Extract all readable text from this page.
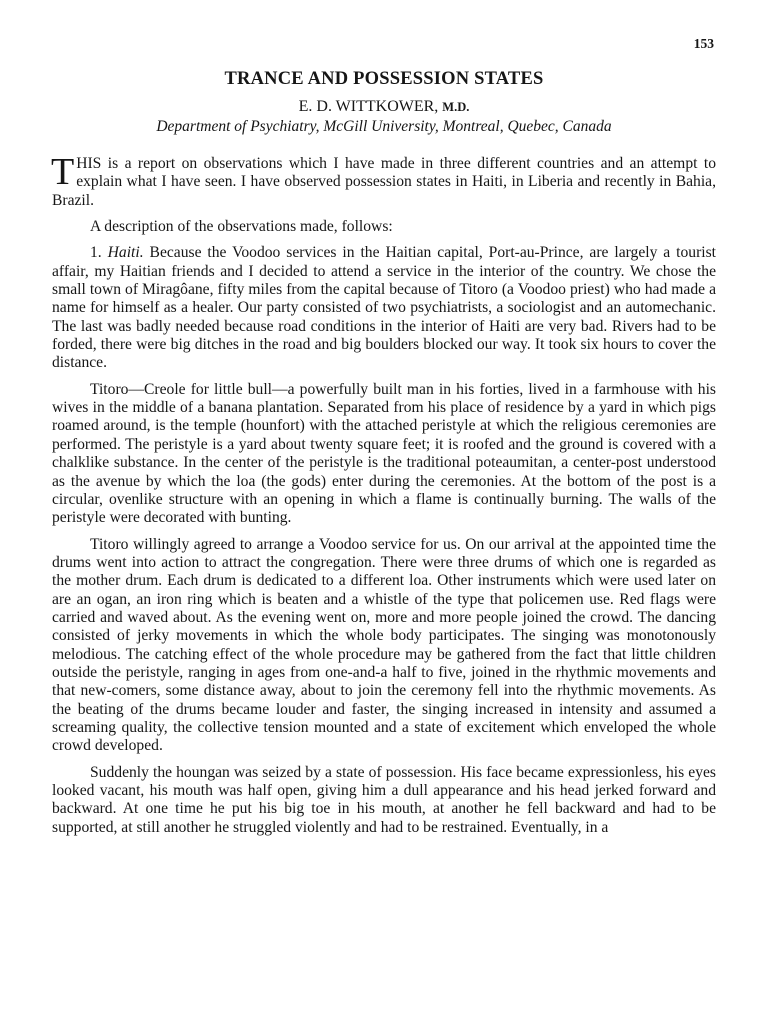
153
TRANCE AND POSSESSION STATES
E. D. WITTKOWER, M.D.
Department of Psychiatry, McGill University, Montreal, Quebec, Canada

THIS is a report on observations which I have made in three different countries and an attempt to explain what I have seen. I have observed possession states in Haiti, in Liberia and recently in Bahia, Brazil.

A description of the observations made, follows:

1. Haiti. Because the Voodoo services in the Haitian capital, Port-au-Prince, are largely a tourist affair, my Haitian friends and I decided to attend a service in the interior of the country. We chose the small town of Miragôane, fifty miles from the capital because of Titoro (a Voodoo priest) who had made a name for himself as a healer. Our party consisted of two psychiatrists, a sociologist and an automechanic. The last was badly needed because road conditions in the interior of Haiti are very bad. Rivers had to be forded, there were big ditches in the road and big boulders blocked our way. It took six hours to cover the distance.

Titoro—Creole for little bull—a powerfully built man in his forties, lived in a farmhouse with his wives in the middle of a banana plantation. Separated from his place of residence by a yard in which pigs roamed around, is the temple (hounfort) with the attached peristyle at which the religious ceremonies are performed. The peristyle is a yard about twenty square feet; it is roofed and the ground is covered with a chalklike substance. In the center of the peristyle is the traditional poteaumitan, a center-post understood as the avenue by which the loa (the gods) enter during the ceremonies. At the bottom of the post is a circular, ovenlike structure with an opening in which a flame is continually burning. The walls of the peristyle were decorated with bunting.

Titoro willingly agreed to arrange a Voodoo service for us. On our arrival at the appointed time the drums went into action to attract the congregation. There were three drums of which one is regarded as the mother drum. Each drum is dedicated to a different loa. Other instruments which were used later on are an ogan, an iron ring which is beaten and a whistle of the type that policemen use. Red flags were carried and waved about. As the evening went on, more and more people joined the crowd. The dancing consisted of jerky movements in which the whole body participates. The singing was monotonously melodious. The catching effect of the whole procedure may be gathered from the fact that little children outside the peristyle, ranging in ages from one-and-a half to five, joined in the rhythmic movements and that new-comers, some distance away, about to join the ceremony fell into the rhythmic movements. As the beating of the drums became louder and faster, the singing increased in intensity and assumed a screaming quality, the collective tension mounted and a state of excitement which enveloped the whole crowd developed.

Suddenly the houngan was seized by a state of possession. His face became expressionless, his eyes looked vacant, his mouth was half open, giving him a dull appearance and his head jerked forward and backward. At one time he put his big toe in his mouth, at another he fell backward and had to be supported, at still another he struggled violently and had to be restrained. Eventually, in a
